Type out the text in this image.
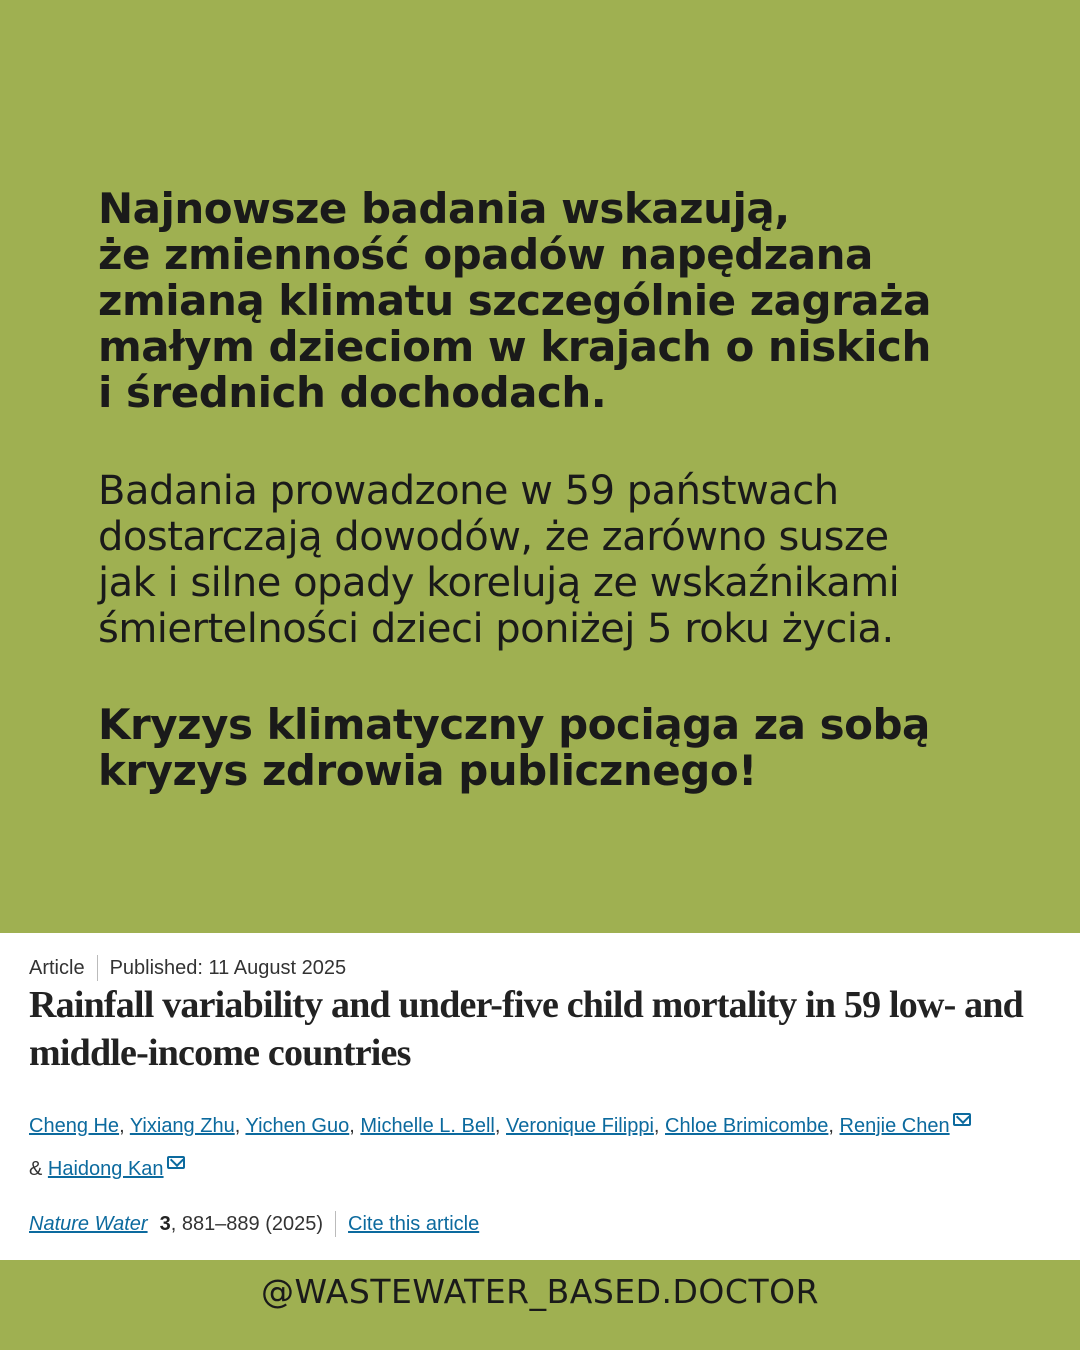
Najnowsze badania wskazują,
że zmienność opadów napędzana
zmianą klimatu szczególnie zagraża
małym dzieciom w krajach o niskich
i średnich dochodach.

Badania prowadzone w 59 państwach
dostarczają dowodów, że zarówno susze
jak i silne opady korelują ze wskaźnikami
śmiertelności dzieci poniżej 5 roku życia.

Kryzys klimatyczny pociąga za sobą
kryzys zdrowia publicznego!

Article Published: 11 August 2025
Rainfall variability and under-five child mortality in 59 low- and middle-income countries
Cheng He, Yixiang Zhu, Yichen Guo, Michelle L. Bell, Veronique Filippi, Chloe Brimicombe, Renjie Chen
& Haidong Kan
Nature Water 3 , 881–889 (2025) Cite this article
@WASTEWATER_BASED.DOCTOR
